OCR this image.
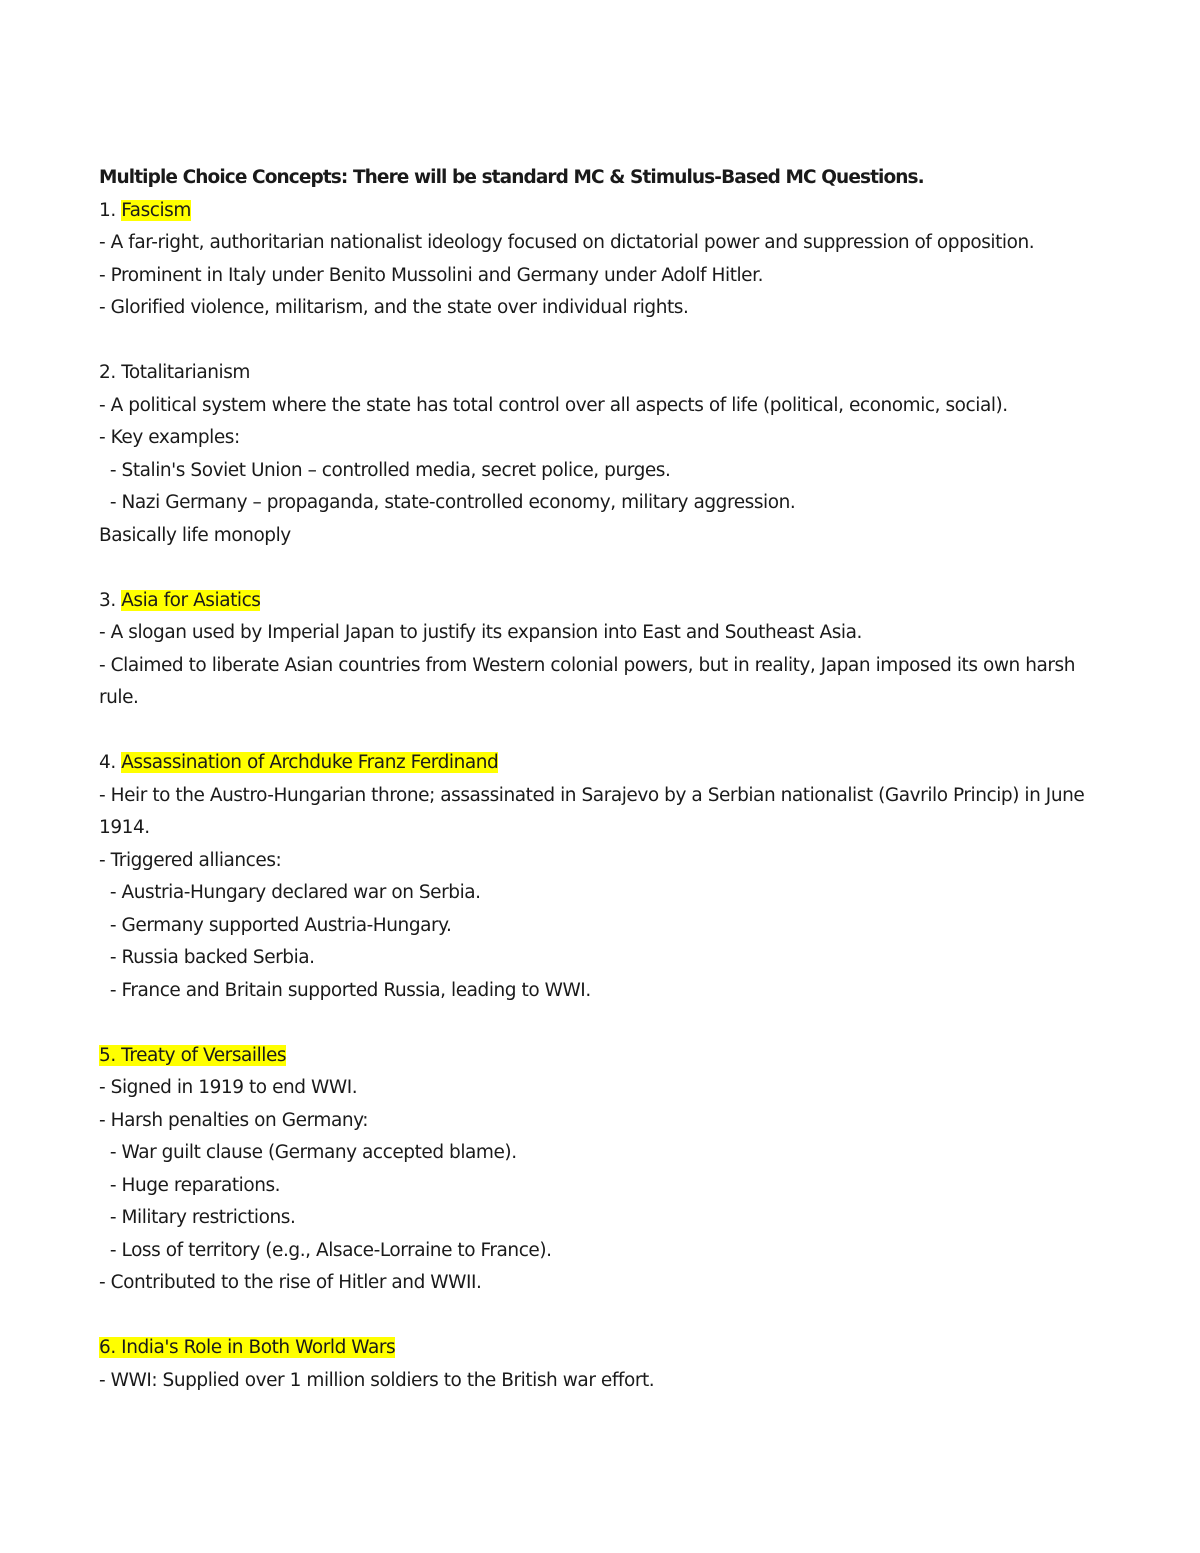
Multiple Choice Concepts: There will be standard MC & Stimulus-Based MC Questions.
1. Fascism
- A far-right, authoritarian nationalist ideology focused on dictatorial power and suppression of opposition.
- Prominent in Italy under Benito Mussolini and Germany under Adolf Hitler.
- Glorified violence, militarism, and the state over individual rights.
2. Totalitarianism
- A political system where the state has total control over all aspects of life (political, economic, social).
- Key examples:
- Stalin's Soviet Union – controlled media, secret police, purges.
- Nazi Germany – propaganda, state-controlled economy, military aggression.
Basically life monoply
3. Asia for Asiatics
- A slogan used by Imperial Japan to justify its expansion into East and Southeast Asia.
- Claimed to liberate Asian countries from Western colonial powers, but in reality, Japan imposed its own harsh rule.
4. Assassination of Archduke Franz Ferdinand
- Heir to the Austro-Hungarian throne; assassinated in Sarajevo by a Serbian nationalist (Gavrilo Princip) in June 1914.
- Triggered alliances:
- Austria-Hungary declared war on Serbia.
- Germany supported Austria-Hungary.
- Russia backed Serbia.
- France and Britain supported Russia, leading to WWI.
5. Treaty of Versailles
- Signed in 1919 to end WWI.
- Harsh penalties on Germany:
- War guilt clause (Germany accepted blame).
- Huge reparations.
- Military restrictions.
- Loss of territory (e.g., Alsace-Lorraine to France).
- Contributed to the rise of Hitler and WWII.
6. India's Role in Both World Wars
- WWI: Supplied over 1 million soldiers to the British war effort.
